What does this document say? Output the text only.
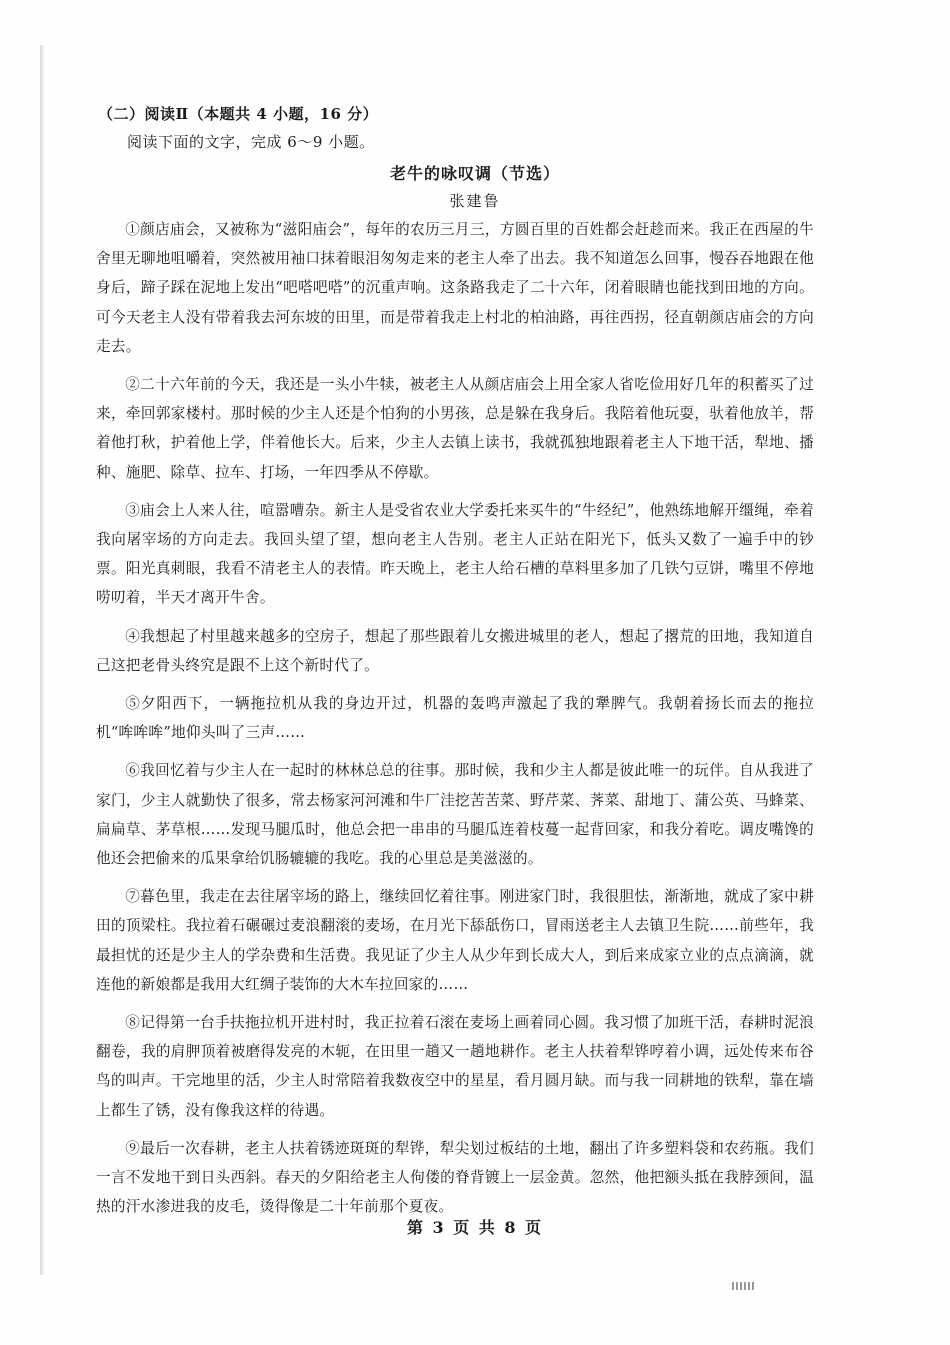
（二）阅读Ⅱ（本题共 4 小题，16 分）
阅读下面的文字，完成 6～9 小题。
老牛的咏叹调（节选）
张建鲁

①颜店庙会，又被称为“滋阳庙会”，每年的农历三月三，方圆百里的百姓都会赶趁而来。我正在西屋的牛舍里无聊地咀嚼着，突然被用袖口抹着眼泪匆匆走来的老主人牵了出去。我不知道怎么回事，慢吞吞地跟在他身后，蹄子踩在泥地上发出“吧嗒吧嗒”的沉重声响。这条路我走了二十六年，闭着眼睛也能找到田地的方向。可今天老主人没有带着我去河东坡的田里，而是带着我走上村北的柏油路，再往西拐，径直朝颜店庙会的方向走去。

②二十六年前的今天，我还是一头小牛犊，被老主人从颜店庙会上用全家人省吃俭用好几年的积蓄买了过来，牵回郭家楼村。那时候的少主人还是个怕狗的小男孩，总是躲在我身后。我陪着他玩耍，驮着他放羊，帮着他打秋，护着他上学，伴着他长大。后来，少主人去镇上读书，我就孤独地跟着老主人下地干活，犁地、播种、施肥、除草、拉车、打场，一年四季从不停歇。

③庙会上人来人往，喧嚣嘈杂。新主人是受省农业大学委托来买牛的“牛经纪”，他熟练地解开缰绳，牵着我向屠宰场的方向走去。我回头望了望，想向老主人告别。老主人正站在阳光下，低头又数了一遍手中的钞票。阳光真刺眼，我看不清老主人的表情。昨天晚上，老主人给石槽的草料里多加了几铁勺豆饼，嘴里不停地唠叨着，半天才离开牛舍。

④我想起了村里越来越多的空房子，想起了那些跟着儿女搬进城里的老人，想起了撂荒的田地，我知道自己这把老骨头终究是跟不上这个新时代了。

⑤夕阳西下，一辆拖拉机从我的身边开过，机器的轰鸣声激起了我的犟脾气。我朝着扬长而去的拖拉机“哞哞哞”地仰头叫了三声……

⑥我回忆着与少主人在一起时的林林总总的往事。那时候，我和少主人都是彼此唯一的玩伴。自从我进了家门，少主人就勤快了很多，常去杨家河河滩和牛厂洼挖苦苦菜、野芹菜、荠菜、甜地丁、蒲公英、马蜂菜、扁扁草、茅草根……发现马腿瓜时，他总会把一串串的马腿瓜连着枝蔓一起背回家，和我分着吃。调皮嘴馋的他还会把偷来的瓜果拿给饥肠辘辘的我吃。我的心里总是美滋滋的。

⑦暮色里，我走在去往屠宰场的路上，继续回忆着往事。刚进家门时，我很胆怯，渐渐地，就成了家中耕田的顶梁柱。我拉着石碾碾过麦浪翻滚的麦场，在月光下舔舐伤口，冒雨送老主人去镇卫生院……前些年，我最担忧的还是少主人的学杂费和生活费。我见证了少主人从少年到长成大人，到后来成家立业的点点滴滴，就连他的新娘都是我用大红绸子装饰的大木车拉回家的……

⑧记得第一台手扶拖拉机开进村时，我正拉着石滚在麦场上画着同心圆。我习惯了加班干活，春耕时泥浪翻卷，我的肩胛顶着被磨得发亮的木轭，在田里一趟又一趟地耕作。老主人扶着犁铧哼着小调，远处传来布谷鸟的叫声。干完地里的活，少主人时常陪着我数夜空中的星星，看月圆月缺。而与我一同耕地的铁犁，靠在墙上都生了锈，没有像我这样的待遇。

⑨最后一次春耕，老主人扶着锈迹斑斑的犁铧，犁尖划过板结的土地，翻出了许多塑料袋和农药瓶。我们一言不发地干到日头西斜。春天的夕阳给老主人佝偻的脊背镀上一层金黄。忽然，他把额头抵在我脖颈间，温热的汗水渗进我的皮毛，烫得像是二十年前那个夏夜。

第 3 页 共 8 页
